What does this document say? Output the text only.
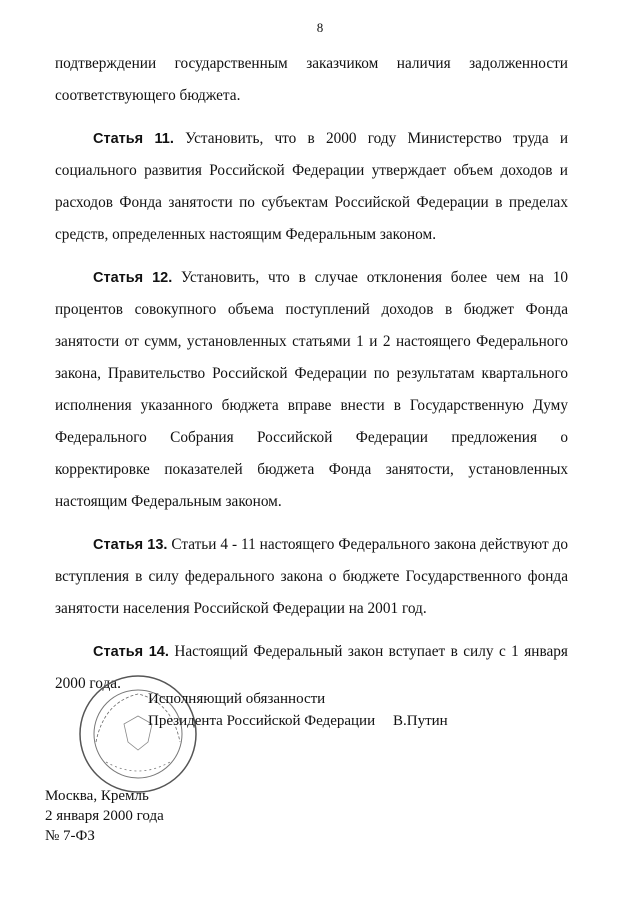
8

подтверждении государственным заказчиком наличия задолженности соответствующего бюджета.

Статья 11. Установить, что в 2000 году Министерство труда и социального развития Российской Федерации утверждает объем доходов и расходов Фонда занятости по субъектам Российской Федерации в пределах средств, определенных настоящим Федеральным законом.

Статья 12. Установить, что в случае отклонения более чем на 10 процентов совокупного объема поступлений доходов в бюджет Фонда занятости от сумм, установленных статьями 1 и 2 настоящего Федерального закона, Правительство Российской Федерации по результатам квартального исполнения указанного бюджета вправе внести в Государственную Думу Федерального Собрания Российской Федерации предложения о корректировке показателей бюджета Фонда занятости, установленных настоящим Федеральным законом.

Статья 13. Статьи 4 - 11 настоящего Федерального закона действуют до вступления в силу федерального закона о бюджете Государственного фонда занятости населения Российской Федерации на 2001 год.

Статья 14. Настоящий Федеральный закон вступает в силу с 1 января 2000 года.

Исполняющий обязанности
Президента Российской Федерации	В.Путин
Москва, Кремль
2 января 2000 года
№ 7-ФЗ
